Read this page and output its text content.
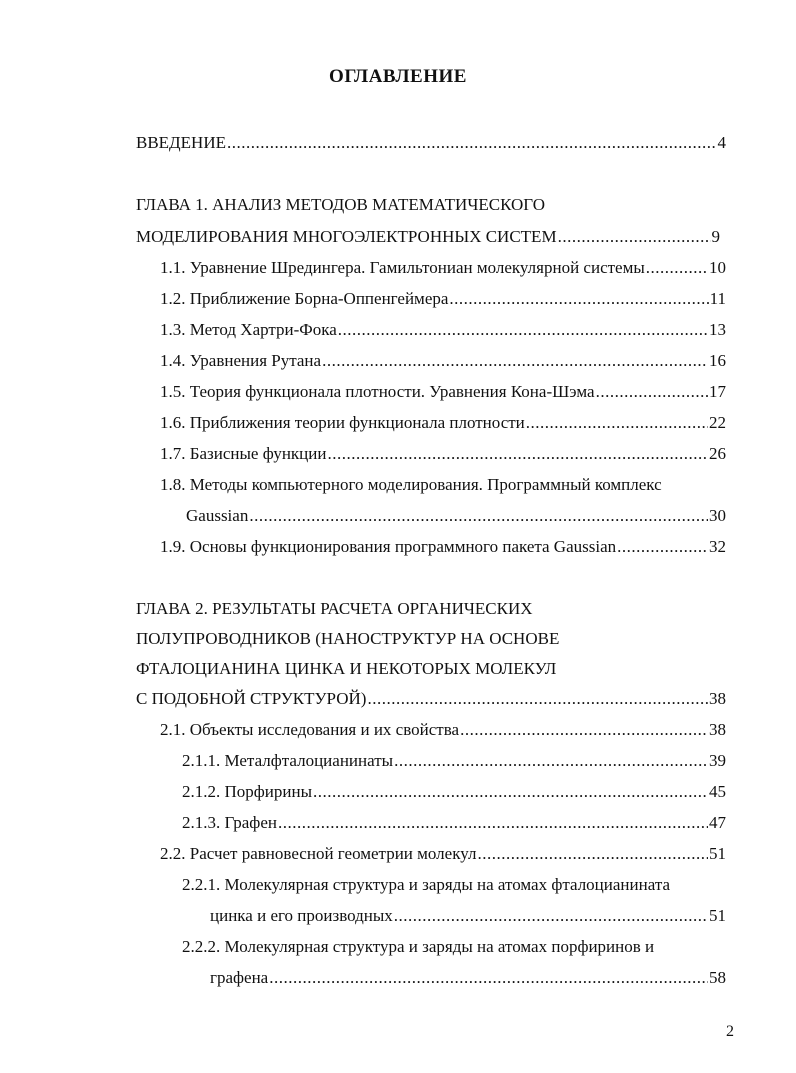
ОГЛАВЛЕНИЕ
ВВЕДЕНИЕ .....	4
ГЛАВА 1. АНАЛИЗ МЕТОДОВ МАТЕМАТИЧЕСКОГО
МОДЕЛИРОВАНИЯ МНОГОЭЛЕКТРОННЫХ СИСТЕМ .....	9
1.1. Уравнение Шредингера. Гамильтониан молекулярной системы .....	10
1.2. Приближение Борна-Оппенгеймера .....	11
1.3. Метод Хартри-Фока .....	13
1.4. Уравнения Рутана .....	16
1.5. Теория функционала плотности. Уравнения Кона-Шэма .....	17
1.6. Приближения теории функционала плотности .....	22
1.7. Базисные функции .....	26
1.8. Методы компьютерного моделирования. Программный комплекс
Gaussian .....	30
1.9. Основы функционирования программного пакета Gaussian .....	32
ГЛАВА 2. РЕЗУЛЬТАТЫ РАСЧЕТА ОРГАНИЧЕСКИХ
ПОЛУПРОВОДНИКОВ (НАНОСТРУКТУР НА ОСНОВЕ
ФТАЛОЦИАНИНА ЦИНКА И НЕКОТОРЫХ МОЛЕКУЛ
С ПОДОБНОЙ СТРУКТУРОЙ) .....	38
2.1. Объекты исследования и их свойства .....	38
2.1.1. Металфталоцианинаты .....	39
2.1.2. Порфирины .....	45
2.1.3. Графен .....	47
2.2. Расчет равновесной геометрии молекул .....	51
2.2.1. Молекулярная структура и заряды на атомах фталоцианината
цинка и его производных .....	51
2.2.2. Молекулярная структура и заряды на атомах порфиринов и
графена .....	58
2
